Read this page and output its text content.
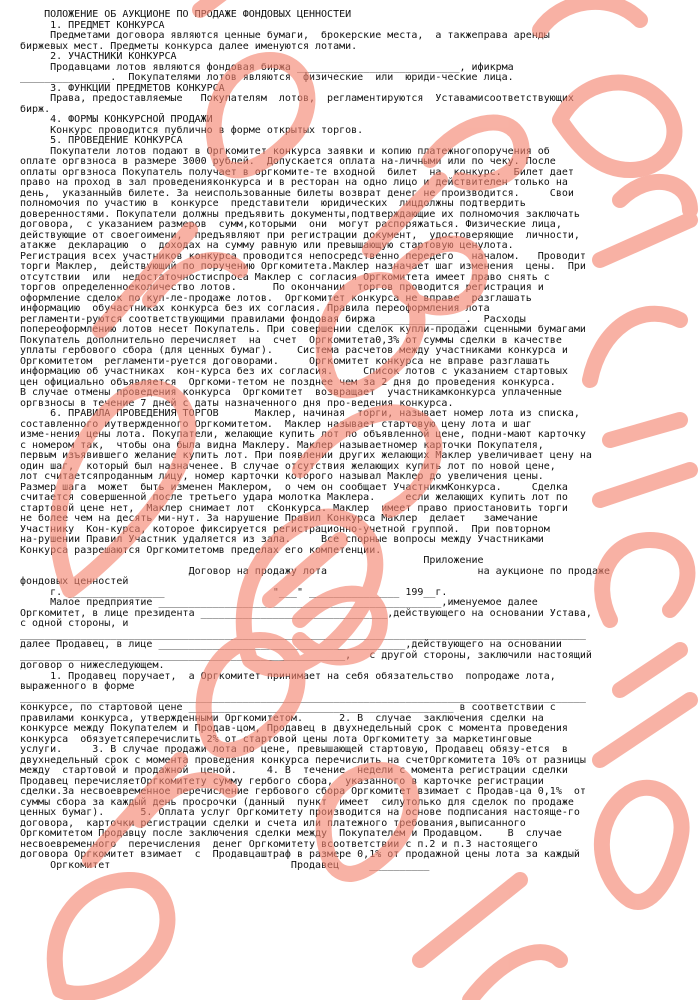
ПОЛОЖЕНИЕ ОБ АУКЦИОНЕ ПО ПРОДАЖЕ ФОНДОВЫХ ЦЕННОСТЕЙ
1. ПРЕДМЕТ КОНКУРСА
Предметами договора являются ценные бумаги,  брокерские места,  а такжеправа аренды
биржевых мест. Предметы конкурса далее именуются лотами.
2. УЧАСТНИКИ КОНКУРСА
Продавцами лотов являются фондовая биржа ___________________________, ификрма
_______________.  Покупателями лотов являются  физические  или  юриди-ческие лица.
3. ФУНКЦИИ ПРЕДМЕТОВ КОНКУРСА
Права, предоставляемые   Покупателям  лотов,  регламентируются  Уставамисоответствующих
бирж.
4. ФОРМЫ КОНКУРСНОЙ ПРОДАЖИ
Конкурс проводится публично в форме открытых торгов.
5. ПРОВЕДЕНИЕ КОНКУРСА
Покупатели лотов подают в Оргкомитет конкурса заявки и копию платежногопоручения об
оплате оргвзноса в размере 3000 рублей.  Допускается оплата на-личными или по чеку. После
оплаты оргвзноса Покупатель получает в оргкомите-те входной  билет  на  конкурс.  Билет дает
право на проход в зал проведенияконкурса и в ресторан на одно лицо и действителен только на
день,  указанныйв билете. За неиспользованные билеты возврат денег не производится.     Свои
полномочия по участию в  конкурсе  представители  юридических  лицдолжны подтвердить
доверенностями. Покупатели должны предъявить документы,подтверждающие их полномочия заключать
договора,  с указанием размеров  сумм,которыми  они  могут распоряжаться. Физические лица,
действующие от своегоимени,  предъявляют при регистрации документ,  удостоверяющие  личности,
атакже  декларацию  о  доходах на сумму равную или превышающую стартовую ценулота.
Регистрация всех участников конкурса проводится непосредственно передего   началом.   Проводит
торги Маклер,  действующий по поручению Оргкомитета.Маклер назначает шаг изменения  цены.  При
отсутствии  или  недостаточностиспроса Маклер с согласия Оргкомитета имеет право снять с
торгов определенноеколичество лотов.      По окончании  торгов проводится регистрация и
оформление сделок по куп-ле-продаже лотов.  Оргкомитет конкурса не вправе  разглашать
информацию  обучастниках конкурса без их согласия. Правила переоформления лота
регламенти-руются соответствующими правилами фондовая биржа ______________.  Расходы
попереоформлению лотов несет Покупатель. При совершении сделок купли-продажи сценными бумагами
Покупатель дополнительно перечисляет  на  счет  Оргкомитета0,3% от суммы сделки в качестве
уплаты гербового сбора (для ценных бумаг).    Система расчетов между участниками конкурса и
Оргкомитетом  регламенти-руется договорами.     Оргкомитет конкурса не вправе разглашать
информацию об участниках  кон-курса без их согласия.     Список лотов с указанием стартовых
цен официально объявляется  Оргкоми-тетом не позднее чем за 2 дня до проведения конкурса.
В случае отмены проведения конкурса  Оргкомитет  возвращает  участникамконкурса уплаченные
оргвзносы в течение 7 дней с даты назначенного дня про-ведения конкурса.
6. ПРАВИЛА ПРОВЕДЕНИЯ ТОРГОВ      Маклер, начиная  торги, называет номер лота из списка,
составленного иутвержденного Оргкомитетом.  Маклер называет стартовую цену лота и шаг
изме-нения цены лота. Покупатели, желающие купить лот по объявленной цене, подни-мают карточку
с номером так,  чтобы она была видна Маклеру. Маклер называетномер карточки Покупателя,
первым изъявившего желание купить лот. При появлении других желающих Маклер увеличивает цену на
один шаг,  который был назначенее. В случае отсутствия желающих купить лот по новой цене,
лот считаетсяпроданным лицу, номер карточки которого называл Маклер до увеличения цены.
Размер шага  может  быть изменен Маклером,  о чем он сообщает УчастникмКонкурса.     Сделка
считается совершенной после третьего удара молотка Маклера.     если желающих купить лот по
стартовой цене нет,  Маклер снимает лот  сКонкурса. Маклер  имеет право приостановить торги
не более чем на десять ми-нут. За нарушение Правил Конкурса Маклер  делает   замечание
Участнику  Кон-курса, которое фиксируется регистрационно-учетной группой.  При повторном
на-рушении Правил Участник удаляется из зала.     Все спорные вопросы между Участниками
Конкурса разрешаются Оргкомитетомв пределах его компетенции.
Приложение
Договор на продажу лота                         на аукционе по продаже
фондовых ценностей
г. ________________                  "___" _______________ 199__г.
Малое предприятие _______________________________________________,именуемое далее
Оргкомитет, в лице президента _______________________________,действующего на основании Устава,
с одной стороны, и
______________________________________________________________________________________________
далее Продавец, в лице _________________________________________,действующего на основании
______________________________________________________,   с другой стороны, заключили настоящий
договор о нижеследующем.
1. Продавец поручает,  а Оргкомитет принимает на себя обязательство  попродаже лота,
выраженного в форме
______________________________________________________________________________________________
конкурсе, по стартовой цене ____________________________________________ в соответствии с
правилами конкурса, утвержденными Оргкомитетом.      2. В  случае  заключения сделки на
конкурсе между Покупателем и Продав-цом, Продавец в двухнедельный срок с момента проведения
конкурса  обязуетсяперечислить 2% от стартовой цены лота Оргкомитету за маркетинговые
услуги.     3. В случае продажи лота по цене, превышающей стартовую, Продавец обязу-ется  в
двухнедельный срок с момента проведения конкурса перечислить на счетОргкомитета 10% от разницы
между  стартовой и продажной  ценой.     4. В  течение  недели с момента регистрации сделки
Продавец перечисляетОргкомитету сумму гербого сбора,  указанного в карточке регистрации
сделки.За несвоевременное перечисление гербового сбора Оргкомитет взимает с Продав-ца 0,1%  от
суммы сбора за каждый день просрочки (данный  пункт  имеет  силутолько для сделок по продаже
ценных бумаг).      5. Оплата услуг Оргкомитету производится на основе подписания настояще-го
договора,  карточки регистрации сделки и счета или платежного требования,выписанного
Оргкомитетом Продавцу после заключения сделки между  Покупателем и Продавцом.    В  случае
несвоевременного  перечисления  денег Оргкомитету всоответствии с п.2 и п.3 настоящего
договора Оргкомитет взимает  с  Продавцаштраф в размере 0,1% от продажной цены лота за каждый
Оргкомитет                              Продавец     __________
